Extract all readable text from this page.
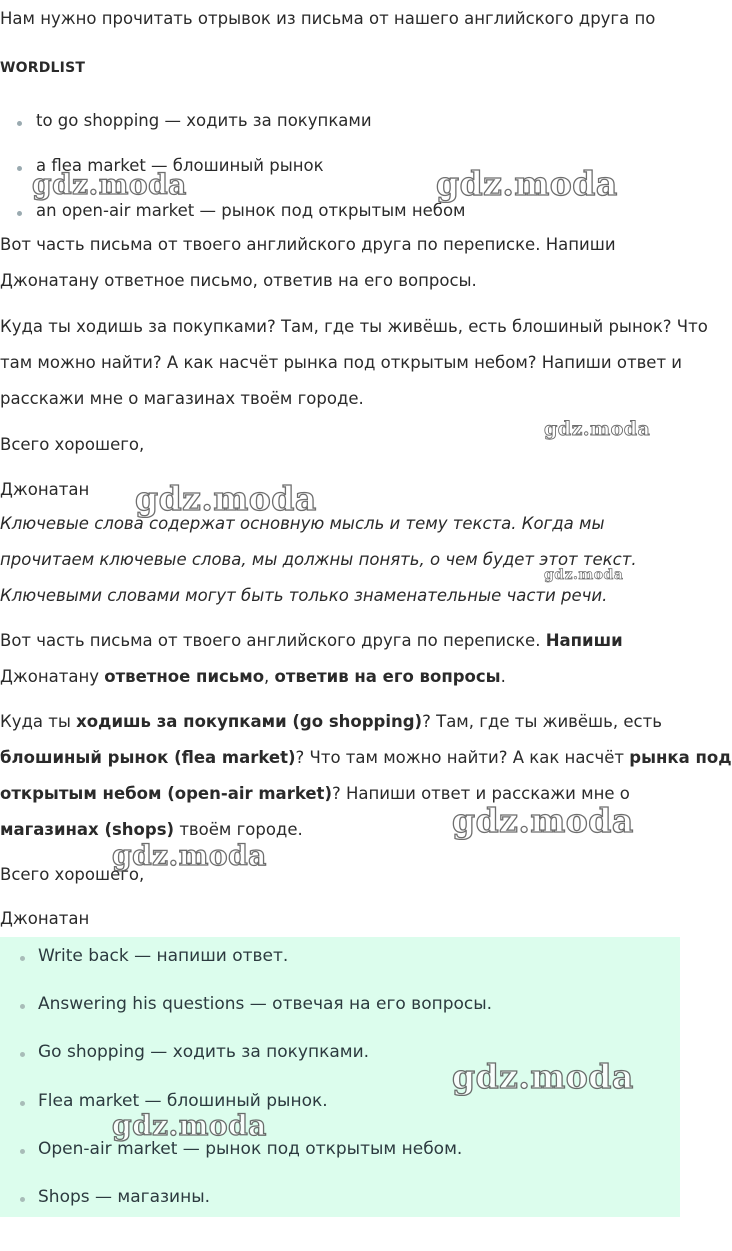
Нам нужно прочитать отрывок из письма от нашего английского друга по
WORDLIST
to go shopping — ходить за покупками
a flea market — блошиный рынок
an open-air market — рынок под открытым небом
Вот часть письма от твоего английского друга по переписке. Напиши
Джонатану ответное письмо, ответив на его вопросы.
Куда ты ходишь за покупками? Там, где ты живёшь, есть блошиный рынок? Что
там можно найти? А как насчёт рынка под открытым небом? Напиши ответ и
расскажи мне о магазинах твоём городе.
Всего хорошего,
Джонатан
Ключевые слова содержат основную мысль и тему текста. Когда мы
прочитаем ключевые слова, мы должны понять, о чем будет этот текст.
Ключевыми словами могут быть только знаменательные части речи.
Вот часть письма от твоего английского друга по переписке. Напиши
Джонатану ответное письмо, ответив на его вопросы.
Куда ты ходишь за покупками (go shopping)? Там, где ты живёшь, есть
блошиный рынок (flea market)? Что там можно найти? А как насчёт рынка под
открытым небом (open-air market)? Напиши ответ и расскажи мне о
магазинах (shops) твоём городе.
Всего хорошего,
Джонатан
Write back — напиши ответ.
Answering his questions — отвечая на его вопросы.
Go shopping — ходить за покупками.
Flea market — блошиный рынок.
Open-air market — рынок под открытым небом.
Shops — магазины.
gdz.moda	gdz.moda
gdz.moda
gdz.moda
gdz.moda
gdz.moda
gdz.moda
gdz.moda
gdz.moda
